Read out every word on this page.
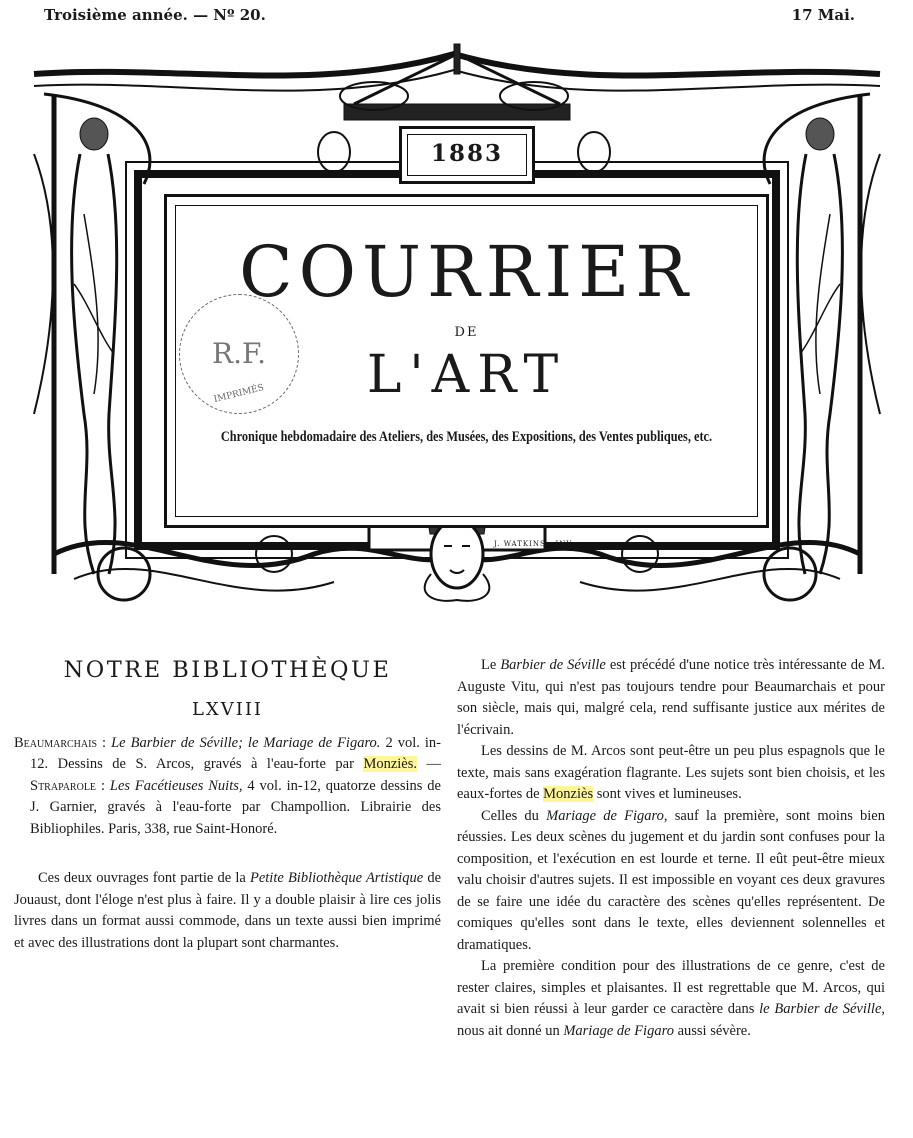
Troisième année. — Nº 20.	17 Mai.
1883
COURRIER
DE
L'ART
Chronique hebdomadaire des Ateliers, des Musées, des Expositions, des Ventes publiques, etc.
R.F.
IMPRIMÉS
J. WATKINS · INV.
NOTRE BIBLIOTHÈQUE
LXVIII

Beaumarchais : Le Barbier de Séville; le Mariage de Figaro. 2 vol. in-12. Dessins de S. Arcos, gravés à l'eau-forte par Monziès. — Straparole : Les Facétieuses Nuits, 4 vol. in-12, quatorze dessins de J. Garnier, gravés à l'eau-forte par Champollion. Librairie des Bibliophiles. Paris, 338, rue Saint-Honoré.

Ces deux ouvrages font partie de la Petite Bibliothèque Artistique de Jouaust, dont l'éloge n'est plus à faire. Il y a double plaisir à lire ces jolis livres dans un format aussi commode, dans un texte aussi bien imprimé et avec des illustrations dont la plupart sont charmantes.

Le Barbier de Séville est précédé d'une notice très intéressante de M. Auguste Vitu, qui n'est pas toujours tendre pour Beaumarchais et pour son siècle, mais qui, malgré cela, rend suffisante justice aux mérites de l'écrivain.

Les dessins de M. Arcos sont peut-être un peu plus espagnols que le texte, mais sans exagération flagrante. Les sujets sont bien choisis, et les eaux-fortes de Monziès sont vives et lumineuses.

Celles du Mariage de Figaro, sauf la première, sont moins bien réussies. Les deux scènes du jugement et du jardin sont confuses pour la composition, et l'exécution en est lourde et terne. Il eût peut-être mieux valu choisir d'autres sujets. Il est impossible en voyant ces deux gravures de se faire une idée du caractère des scènes qu'elles représentent. De comiques qu'elles sont dans le texte, elles deviennent solennelles et dramatiques.

La première condition pour des illustrations de ce genre, c'est de rester claires, simples et plaisantes. Il est regrettable que M. Arcos, qui avait si bien réussi à leur garder ce caractère dans le Barbier de Séville, nous ait donné un Mariage de Figaro aussi sévère.
